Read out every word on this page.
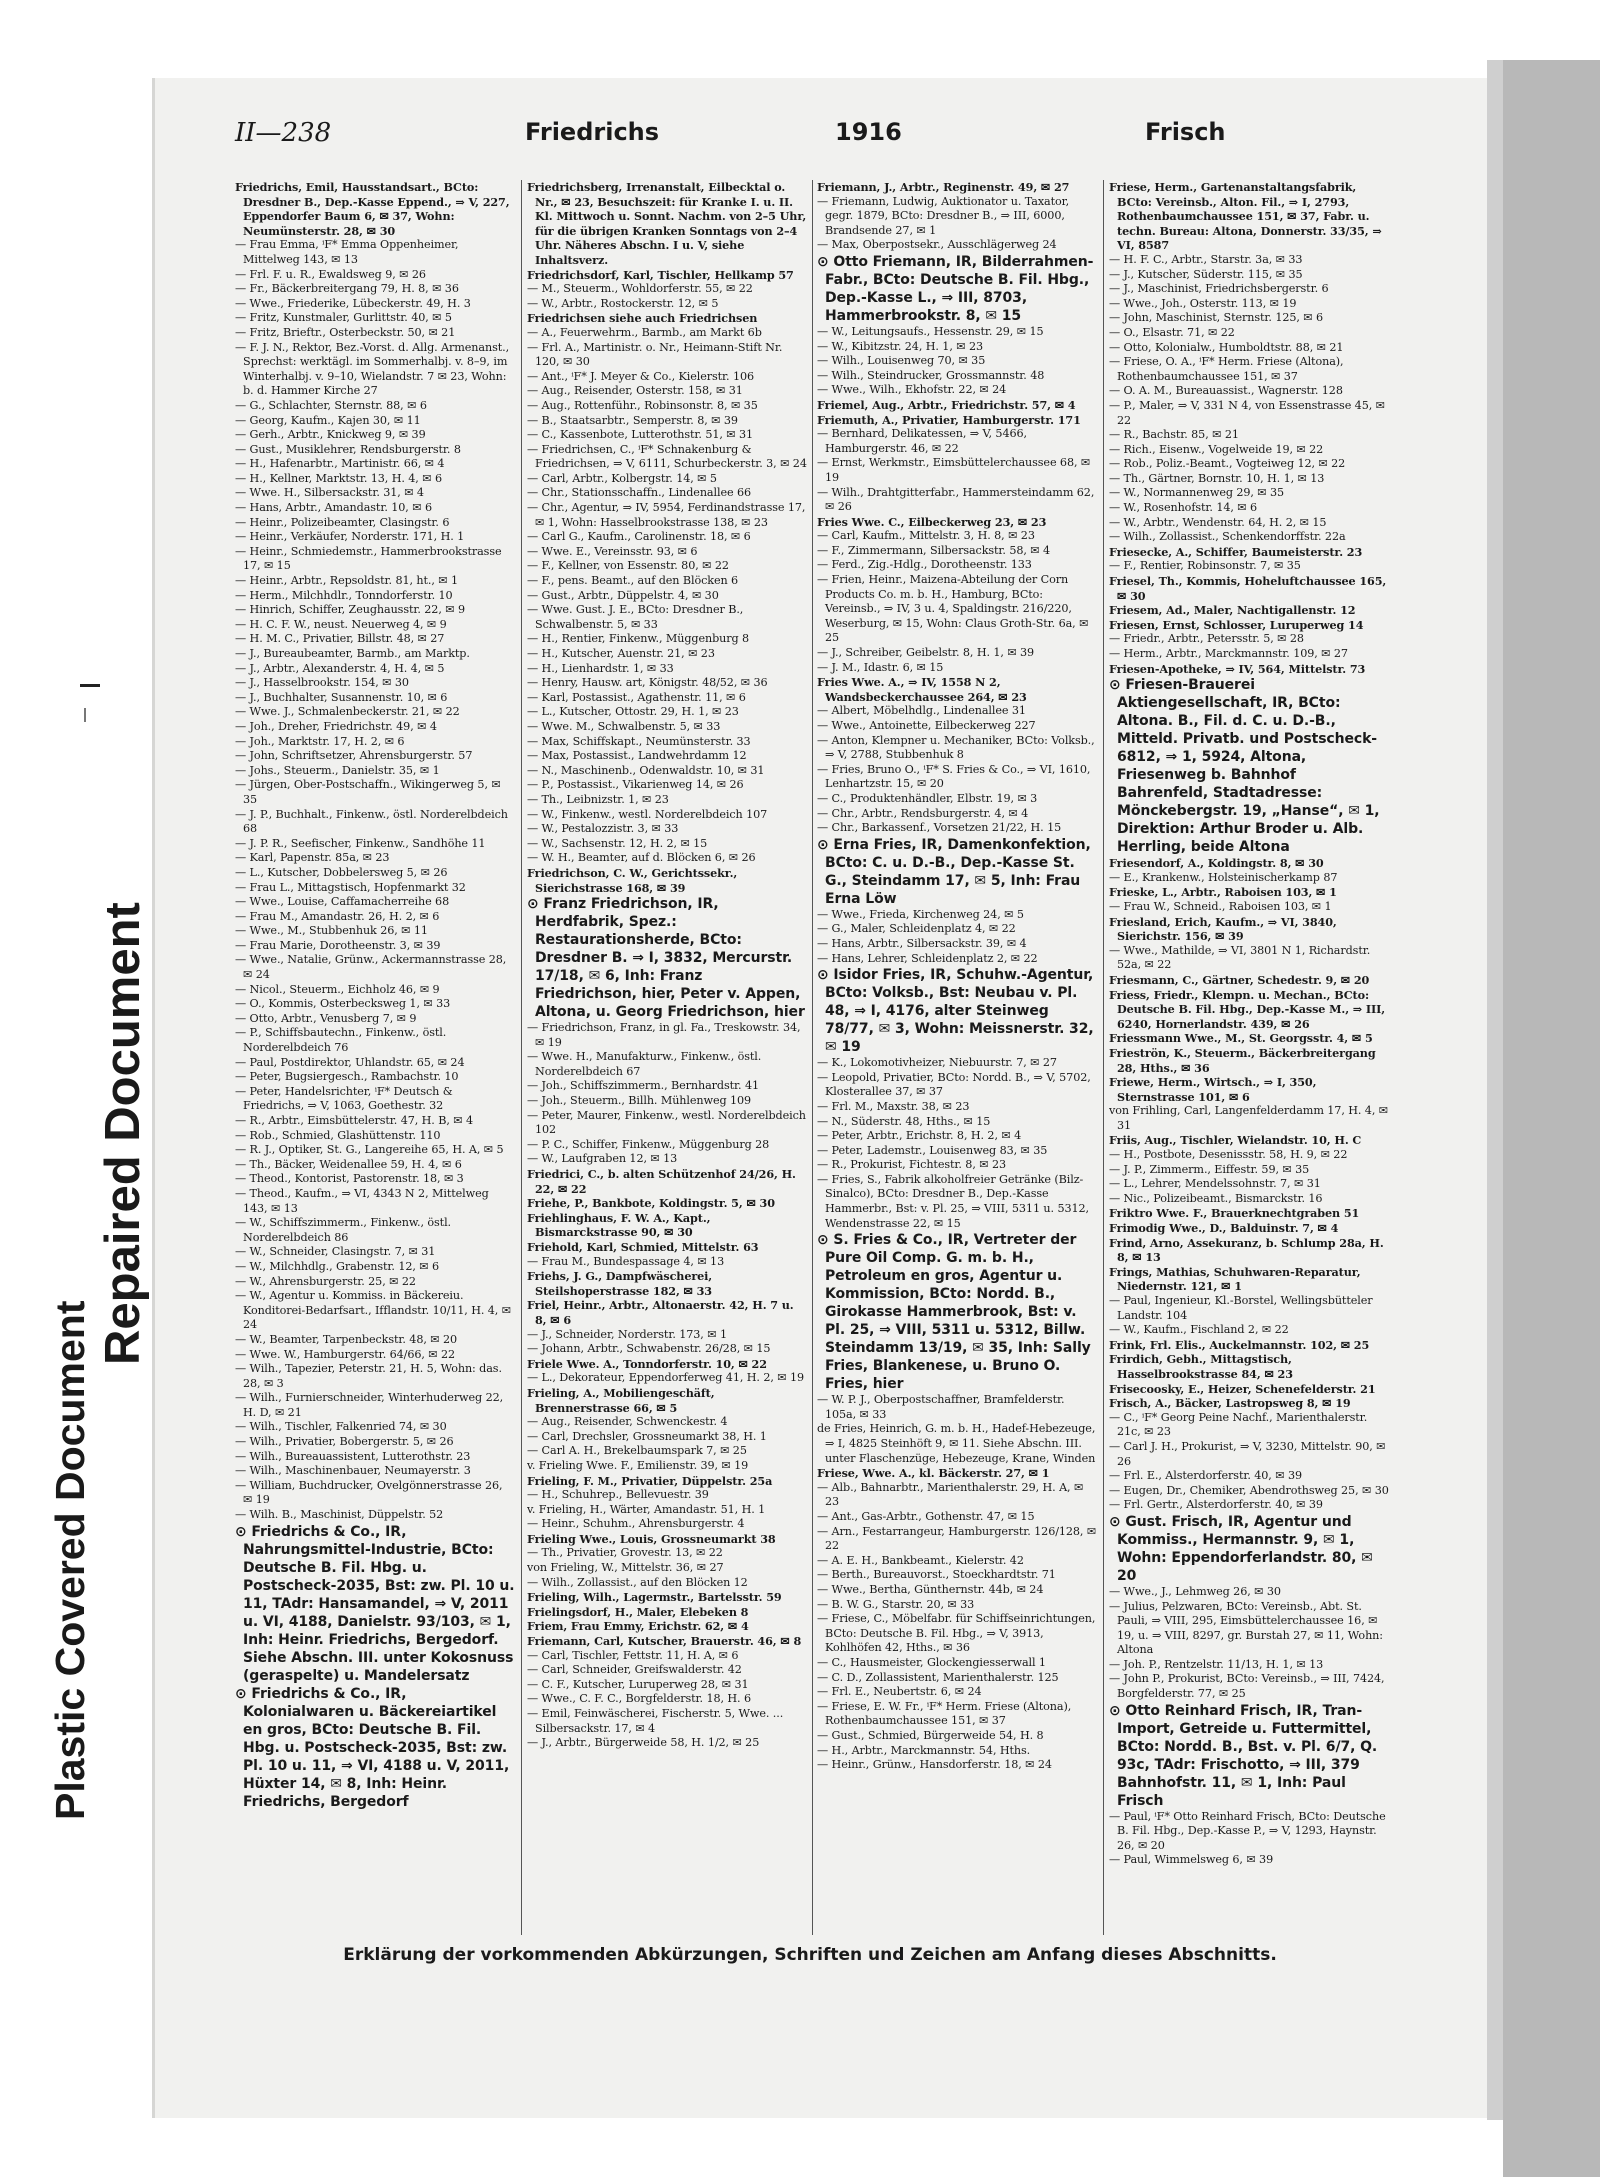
Plastic Covered Document
Repaired Document
II—238	Friedrichs	1916	Frisch

Friedrichs, Emil, Hausstandsart., BCto: Dresdner B., Dep.-Kasse Eppend., ⇒ V, 227, Eppendorfer Baum 6, ✉ 37, Wohn: Neumünsterstr. 28, ✉ 30

— Frau Emma, ⁱF* Emma Oppenheimer, Mittelweg 143, ✉ 13

— Frl. F. u. R., Ewaldsweg 9, ✉ 26

— Fr., Bäckerbreitergang 79, H. 8, ✉ 36

— Wwe., Friederike, Lübeckerstr. 49, H. 3

— Fritz, Kunstmaler, Gurlittstr. 40, ✉ 5

— Fritz, Brieftr., Osterbeckstr. 50, ✉ 21

— F. J. N., Rektor, Bez.-Vorst. d. Allg. Armenanst., Sprechst: werktägl. im Sommerhalbj. v. 8–9, im Winterhalbj. v. 9–10, Wielandstr. 7 ✉ 23, Wohn: b. d. Hammer Kirche 27

— G., Schlachter, Sternstr. 88, ✉ 6

— Georg, Kaufm., Kajen 30, ✉ 11

— Gerh., Arbtr., Knickweg 9, ✉ 39

— Gust., Musiklehrer, Rendsburgerstr. 8

— H., Hafenarbtr., Martinistr. 66, ✉ 4

— H., Kellner, Marktstr. 13, H. 4, ✉ 6

— Wwe. H., Silbersackstr. 31, ✉ 4

— Hans, Arbtr., Amandastr. 10, ✉ 6

— Heinr., Polizeibeamter, Clasingstr. 6

— Heinr., Verkäufer, Norderstr. 171, H. 1

— Heinr., Schmiedemstr., Hammerbrookstrasse 17, ✉ 15

— Heinr., Arbtr., Repsoldstr. 81, ht., ✉ 1

— Herm., Milchhdlr., Tonndorferstr. 10

— Hinrich, Schiffer, Zeughausstr. 22, ✉ 9

— H. C. F. W., neust. Neuerweg 4, ✉ 9

— H. M. C., Privatier, Billstr. 48, ✉ 27

— J., Bureaubeamter, Barmb., am Marktp.

— J., Arbtr., Alexanderstr. 4, H. 4, ✉ 5

— J., Hasselbrookstr. 154, ✉ 30

— J., Buchhalter, Susannenstr. 10, ✉ 6

— Wwe. J., Schmalenbeckerstr. 21, ✉ 22

— Joh., Dreher, Friedrichstr. 49, ✉ 4

— Joh., Marktstr. 17, H. 2, ✉ 6

— John, Schriftsetzer, Ahrensburgerstr. 57

— Johs., Steuerm., Danielstr. 35, ✉ 1

— Jürgen, Ober-Postschaffn., Wikingerweg 5, ✉ 35

— J. P., Buchhalt., Finkenw., östl. Norderelbdeich 68

— J. P. R., Seefischer, Finkenw., Sandhöhe 11

— Karl, Papenstr. 85a, ✉ 23

— L., Kutscher, Dobbelersweg 5, ✉ 26

— Frau L., Mittagstisch, Hopfenmarkt 32

— Wwe., Louise, Caffamacherreihe 68

— Frau M., Amandastr. 26, H. 2, ✉ 6

— Wwe., M., Stubbenhuk 26, ✉ 11

— Frau Marie, Dorotheenstr. 3, ✉ 39

— Wwe., Natalie, Grünw., Ackermannstrasse 28, ✉ 24

— Nicol., Steuerm., Eichholz 46, ✉ 9

— O., Kommis, Osterbecksweg 1, ✉ 33

— Otto, Arbtr., Venusberg 7, ✉ 9

— P., Schiffsbautechn., Finkenw., östl. Norderelbdeich 76

— Paul, Postdirektor, Uhlandstr. 65, ✉ 24

— Peter, Bugsiergesch., Rambachstr. 10

— Peter, Handelsrichter, ⁱF* Deutsch & Friedrichs, ⇒ V, 1063, Goethestr. 32

— R., Arbtr., Eimsbüttelerstr. 47, H. B, ✉ 4

— Rob., Schmied, Glashüttenstr. 110

— R. J., Optiker, St. G., Langereihe 65, H. A, ✉ 5

— Th., Bäcker, Weidenallee 59, H. 4, ✉ 6

— Theod., Kontorist, Pastorenstr. 18, ✉ 3

— Theod., Kaufm., ⇒ VI, 4343 N 2, Mittelweg 143, ✉ 13

— W., Schiffszimmerm., Finkenw., östl. Norderelbdeich 86

— W., Schneider, Clasingstr. 7, ✉ 31

— W., Milchhdlg., Grabenstr. 12, ✉ 6

— W., Ahrensburgerstr. 25, ✉ 22

— W., Agentur u. Kommiss. in Bäckereiu. Konditorei-Bedarfsart., Ifflandstr. 10/11, H. 4, ✉ 24

— W., Beamter, Tarpenbeckstr. 48, ✉ 20

— Wwe. W., Hamburgerstr. 64/66, ✉ 22

— Wilh., Tapezier, Peterstr. 21, H. 5, Wohn: das. 28, ✉ 3

— Wilh., Furnierschneider, Winterhuderweg 22, H. D, ✉ 21

— Wilh., Tischler, Falkenried 74, ✉ 30

— Wilh., Privatier, Bobergerstr. 5, ✉ 26

— Wilh., Bureauassistent, Lutterothstr. 23

— Wilh., Maschinenbauer, Neumayerstr. 3

— William, Buchdrucker, Ovelgönnerstrasse 26, ✉ 19

— Wilh. B., Maschinist, Düppelstr. 52

⊙ Friedrichs & Co., IR, Nahrungsmittel-Industrie, BCto: Deutsche B. Fil. Hbg. u. Postscheck-2035, Bst: zw. Pl. 10 u. 11, TAdr: Hansamandel, ⇒ V, 2011 u. VI, 4188, Danielstr. 93/103, ✉ 1, Inh: Heinr. Friedrichs, Bergedorf. Siehe Abschn. III. unter Kokosnuss (geraspelte) u. Mandelersatz

⊙ Friedrichs & Co., IR, Kolonialwaren u. Bäckereiartikel en gros, BCto: Deutsche B. Fil. Hbg. u. Postscheck-2035, Bst: zw. Pl. 10 u. 11, ⇒ VI, 4188 u. V, 2011, Hüxter 14, ✉ 8, Inh: Heinr. Friedrichs, Bergedorf

Friedrichsberg, Irrenanstalt, Eilbecktal o. Nr., ✉ 23, Besuchszeit: für Kranke I. u. II. Kl. Mittwoch u. Sonnt. Nachm. von 2–5 Uhr, für die übrigen Kranken Sonntags von 2–4 Uhr. Näheres Abschn. I u. V, siehe Inhaltsverz.

Friedrichsdorf, Karl, Tischler, Hellkamp 57

— M., Steuerm., Wohldorferstr. 55, ✉ 22

— W., Arbtr., Rostockerstr. 12, ✉ 5

Friedrichsen siehe auch Friedrichsen

— A., Feuerwehrm., Barmb., am Markt 6b

— Frl. A., Martinistr. o. Nr., Heimann-Stift Nr. 120, ✉ 30

— Ant., ⁱF* J. Meyer & Co., Kielerstr. 106

— Aug., Reisender, Osterstr. 158, ✉ 31

— Aug., Rottenführ., Robinsonstr. 8, ✉ 35

— B., Staatsarbtr., Semperstr. 8, ✉ 39

— C., Kassenbote, Lutterothstr. 51, ✉ 31

— Friedrichsen, C., ⁱF* Schnakenburg & Friedrichsen, ⇒ V, 6111, Schurbeckerstr. 3, ✉ 24

— Carl, Arbtr., Kolbergstr. 14, ✉ 5

— Chr., Stationsschaffn., Lindenallee 66

— Chr., Agentur, ⇒ IV, 5954, Ferdinandstrasse 17, ✉ 1, Wohn: Hasselbrookstrasse 138, ✉ 23

— Carl G., Kaufm., Carolinenstr. 18, ✉ 6

— Wwe. E., Vereinsstr. 93, ✉ 6

— F., Kellner, von Essenstr. 80, ✉ 22

— F., pens. Beamt., auf den Blöcken 6

— Gust., Arbtr., Düppelstr. 4, ✉ 30

— Wwe. Gust. J. E., BCto: Dresdner B., Schwalbenstr. 5, ✉ 33

— H., Rentier, Finkenw., Müggenburg 8

— H., Kutscher, Auenstr. 21, ✉ 23

— H., Lienhardstr. 1, ✉ 33

— Henry, Hausw. art, Königstr. 48/52, ✉ 36

— Karl, Postassist., Agathenstr. 11, ✉ 6

— L., Kutscher, Ottostr. 29, H. 1, ✉ 23

— Wwe. M., Schwalbenstr. 5, ✉ 33

— Max, Schiffskapt., Neumünsterstr. 33

— Max, Postassist., Landwehrdamm 12

— N., Maschinenb., Odenwaldstr. 10, ✉ 31

— P., Postassist., Vikarienweg 14, ✉ 26

— Th., Leibnizstr. 1, ✉ 23

— W., Finkenw., westl. Norderelbdeich 107

— W., Pestalozzistr. 3, ✉ 33

— W., Sachsenstr. 12, H. 2, ✉ 15

— W. H., Beamter, auf d. Blöcken 6, ✉ 26

Friedrichson, C. W., Gerichtssekr., Sierichstrasse 168, ✉ 39

⊙ Franz Friedrichson, IR, Herdfabrik, Spez.: Restaurationsherde, BCto: Dresdner B. ⇒ I, 3832, Mercurstr. 17/18, ✉ 6, Inh: Franz Friedrichson, hier, Peter v. Appen, Altona, u. Georg Friedrichson, hier

— Friedrichson, Franz, in gl. Fa., Treskowstr. 34, ✉ 19

— Wwe. H., Manufakturw., Finkenw., östl. Norderelbdeich 67

— Joh., Schiffszimmerm., Bernhardstr. 41

— Joh., Steuerm., Billh. Mühlenweg 109

— Peter, Maurer, Finkenw., westl. Norderelbdeich 102

— P. C., Schiffer, Finkenw., Müggenburg 28

— W., Laufgraben 12, ✉ 13

Friedrici, C., b. alten Schützenhof 24/26, H. 22, ✉ 22

Friehe, P., Bankbote, Koldingstr. 5, ✉ 30

Friehlinghaus, F. W. A., Kapt., Bismarckstrasse 90, ✉ 30

Friehold, Karl, Schmied, Mittelstr. 63

— Frau M., Bundespassage 4, ✉ 13

Friehs, J. G., Dampfwäscherei, Steilshoperstrasse 182, ✉ 33

Friel, Heinr., Arbtr., Altonaerstr. 42, H. 7 u. 8, ✉ 6

— J., Schneider, Norderstr. 173, ✉ 1

— Johann, Arbtr., Schwabenstr. 26/28, ✉ 15

Friele Wwe. A., Tonndorferstr. 10, ✉ 22

— L., Dekorateur, Eppendorferweg 41, H. 2, ✉ 19

Frieling, A., Mobiliengeschäft, Brennerstrasse 66, ✉ 5

— Aug., Reisender, Schwenckestr. 4

— Carl, Drechsler, Grossneumarkt 38, H. 1

— Carl A. H., Brekelbaumspark 7, ✉ 25

v. Frieling Wwe. F., Emilienstr. 39, ✉ 19

Frieling, F. M., Privatier, Düppelstr. 25a

— H., Schuhrep., Bellevuestr. 39

v. Frieling, H., Wärter, Amandastr. 51, H. 1

— Heinr., Schuhm., Ahrensburgerstr. 4

Frieling Wwe., Louis, Grossneumarkt 38

— Th., Privatier, Grovestr. 13, ✉ 22

von Frieling, W., Mittelstr. 36, ✉ 27

— Wilh., Zollassist., auf den Blöcken 12

Frieling, Wilh., Lagermstr., Bartelsstr. 59

Frielingsdorf, H., Maler, Elebeken 8

Friem, Frau Emmy, Erichstr. 62, ✉ 4

Friemann, Carl, Kutscher, Brauerstr. 46, ✉ 8

— Carl, Tischler, Fettstr. 11, H. A, ✉ 6

— Carl, Schneider, Greifswalderstr. 42

— C. F., Kutscher, Luruperweg 28, ✉ 31

— Wwe., C. F. C., Borgfelderstr. 18, H. 6

— Emil, Feinwäscherei, Fischerstr. 5, Wwe. ... Silbersackstr. 17, ✉ 4

— J., Arbtr., Bürgerweide 58, H. 1/2, ✉ 25

Friemann, J., Arbtr., Reginenstr. 49, ✉ 27

— Friemann, Ludwig, Auktionator u. Taxator, gegr. 1879, BCto: Dresdner B., ⇒ III, 6000, Brandsende 27, ✉ 1

— Max, Oberpostsekr., Ausschlägerweg 24

⊙ Otto Friemann, IR, Bilderrahmen-Fabr., BCto: Deutsche B. Fil. Hbg., Dep.-Kasse L., ⇒ III, 8703, Hammerbrookstr. 8, ✉ 15

— W., Leitungsaufs., Hessenstr. 29, ✉ 15

— W., Kibitzstr. 24, H. 1, ✉ 23

— Wilh., Louisenweg 70, ✉ 35

— Wilh., Steindrucker, Grossmannstr. 48

— Wwe., Wilh., Ekhofstr. 22, ✉ 24

Friemel, Aug., Arbtr., Friedrichstr. 57, ✉ 4

Friemuth, A., Privatier, Hamburgerstr. 171

— Bernhard, Delikatessen, ⇒ V, 5466, Hamburgerstr. 46, ✉ 22

— Ernst, Werkmstr., Eimsbüttelerchaussee 68, ✉ 19

— Wilh., Drahtgitterfabr., Hammersteindamm 62, ✉ 26

Fries Wwe. C., Eilbeckerweg 23, ✉ 23

— Carl, Kaufm., Mittelstr. 3, H. 8, ✉ 23

— F., Zimmermann, Silbersackstr. 58, ✉ 4

— Ferd., Zig.-Hdlg., Dorotheenstr. 133

— Frien, Heinr., Maizena-Abteilung der Corn Products Co. m. b. H., Hamburg, BCto: Vereinsb., ⇒ IV, 3 u. 4, Spaldingstr. 216/220, Weserburg, ✉ 15, Wohn: Claus Groth-Str. 6a, ✉ 25

— J., Schreiber, Geibelstr. 8, H. 1, ✉ 39

— J. M., Idastr. 6, ✉ 15

Fries Wwe. A., ⇒ IV, 1558 N 2, Wandsbeckerchaussee 264, ✉ 23

— Albert, Möbelhdlg., Lindenallee 31

— Wwe., Antoinette, Eilbeckerweg 227

— Anton, Klempner u. Mechaniker, BCto: Volksb., ⇒ V, 2788, Stubbenhuk 8

— Fries, Bruno O., ⁱF* S. Fries & Co., ⇒ VI, 1610, Lenhartzstr. 15, ✉ 20

— C., Produktenhändler, Elbstr. 19, ✉ 3

— Chr., Arbtr., Rendsburgerstr. 4, ✉ 4

— Chr., Barkassenf., Vorsetzen 21/22, H. 15

⊙ Erna Fries, IR, Damenkonfektion, BCto: C. u. D.-B., Dep.-Kasse St. G., Steindamm 17, ✉ 5, Inh: Frau Erna Löw

— Wwe., Frieda, Kirchenweg 24, ✉ 5

— G., Maler, Schleidenplatz 4, ✉ 22

— Hans, Arbtr., Silbersackstr. 39, ✉ 4

— Hans, Lehrer, Schleidenplatz 2, ✉ 22

⊙ Isidor Fries, IR, Schuhw.-Agentur, BCto: Volksb., Bst: Neubau v. Pl. 48, ⇒ I, 4176, alter Steinweg 78/77, ✉ 3, Wohn: Meissnerstr. 32, ✉ 19

— K., Lokomotivheizer, Niebuurstr. 7, ✉ 27

— Leopold, Privatier, BCto: Nordd. B., ⇒ V, 5702, Klosterallee 37, ✉ 37

— Frl. M., Maxstr. 38, ✉ 23

— N., Süderstr. 48, Hths., ✉ 15

— Peter, Arbtr., Erichstr. 8, H. 2, ✉ 4

— Peter, Lademstr., Louisenweg 83, ✉ 35

— R., Prokurist, Fichtestr. 8, ✉ 23

— Fries, S., Fabrik alkoholfreier Getränke (Bilz-Sinalco), BCto: Dresdner B., Dep.-Kasse Hammerbr., Bst: v. Pl. 25, ⇒ VIII, 5311 u. 5312, Wendenstrasse 22, ✉ 15

⊙ S. Fries & Co., IR, Vertreter der Pure Oil Comp. G. m. b. H., Petroleum en gros, Agentur u. Kommission, BCto: Nordd. B., Girokasse Hammerbrook, Bst: v. Pl. 25, ⇒ VIII, 5311 u. 5312, Billw. Steindamm 13/19, ✉ 35, Inh: Sally Fries, Blankenese, u. Bruno O. Fries, hier

— W. P. J., Oberpostschaffner, Bramfelderstr. 105a, ✉ 33

de Fries, Heinrich, G. m. b. H., Hadef-Hebezeuge, ⇒ I, 4825 Steinhöft 9, ✉ 11. Siehe Abschn. III. unter Flaschenzüge, Hebezeuge, Krane, Winden

Friese, Wwe. A., kl. Bäckerstr. 27, ✉ 1

— Alb., Bahnarbtr., Marienthalerstr. 29, H. A, ✉ 23

— Ant., Gas-Arbtr., Gothenstr. 47, ✉ 15

— Arn., Festarrangeur, Hamburgerstr. 126/128, ✉ 22

— A. E. H., Bankbeamt., Kielerstr. 42

— Berth., Bureauvorst., Stoeckhardtstr. 71

— Wwe., Bertha, Günthernstr. 44b, ✉ 24

— B. W. G., Starstr. 20, ✉ 33

— Friese, C., Möbelfabr. für Schiffseinrichtungen, BCto: Deutsche B. Fil. Hbg., ⇒ V, 3913, Kohlhöfen 42, Hths., ✉ 36

— C., Hausmeister, Glockengiesserwall 1

— C. D., Zollassistent, Marienthalerstr. 125

— Frl. E., Neubertstr. 6, ✉ 24

— Friese, E. W. Fr., ⁱF* Herm. Friese (Altona), Rothenbaumchaussee 151, ✉ 37

— Gust., Schmied, Bürgerweide 54, H. 8

— H., Arbtr., Marckmannstr. 54, Hths.

— Heinr., Grünw., Hansdorferstr. 18, ✉ 24

Friese, Herm., Gartenanstaltangsfabrik, BCto: Vereinsb., Alton. Fil., ⇒ I, 2793, Rothenbaumchaussee 151, ✉ 37, Fabr. u. techn. Bureau: Altona, Donnerstr. 33/35, ⇒ VI, 8587

— H. F. C., Arbtr., Starstr. 3a, ✉ 33

— J., Kutscher, Süderstr. 115, ✉ 35

— J., Maschinist, Friedrichsbergerstr. 6

— Wwe., Joh., Osterstr. 113, ✉ 19

— John, Maschinist, Sternstr. 125, ✉ 6

— O., Elsastr. 71, ✉ 22

— Otto, Kolonialw., Humboldtstr. 88, ✉ 21

— Friese, O. A., ⁱF* Herm. Friese (Altona), Rothenbaumchaussee 151, ✉ 37

— O. A. M., Bureauassist., Wagnerstr. 128

— P., Maler, ⇒ V, 331 N 4, von Essenstrasse 45, ✉ 22

— R., Bachstr. 85, ✉ 21

— Rich., Eisenw., Vogelweide 19, ✉ 22

— Rob., Poliz.-Beamt., Vogteiweg 12, ✉ 22

— Th., Gärtner, Bornstr. 10, H. 1, ✉ 13

— W., Normannenweg 29, ✉ 35

— W., Rosenhofstr. 14, ✉ 6

— W., Arbtr., Wendenstr. 64, H. 2, ✉ 15

— Wilh., Zollassist., Schenkendorffstr. 22a

Friesecke, A., Schiffer, Baumeisterstr. 23

— F., Rentier, Robinsonstr. 7, ✉ 35

Friesel, Th., Kommis, Hoheluftchaussee 165, ✉ 30

Friesem, Ad., Maler, Nachtigallenstr. 12

Friesen, Ernst, Schlosser, Luruperweg 14

— Friedr., Arbtr., Petersstr. 5, ✉ 28

— Herm., Arbtr., Marckmannstr. 109, ✉ 27

Friesen-Apotheke, ⇒ IV, 564, Mittelstr. 73

⊙ Friesen-Brauerei Aktiengesellschaft, IR, BCto: Altona. B., Fil. d. C. u. D.-B., Mitteld. Privatb. und Postscheck-6812, ⇒ 1, 5924, Altona, Friesenweg b. Bahnhof Bahrenfeld, Stadtadresse: Mönckebergstr. 19, „Hanse“, ✉ 1, Direktion: Arthur Broder u. Alb. Herrling, beide Altona

Friesendorf, A., Koldingstr. 8, ✉ 30

— E., Krankenw., Holsteinischerkamp 87

Frieske, L., Arbtr., Raboisen 103, ✉ 1

— Frau W., Schneid., Raboisen 103, ✉ 1

Friesland, Erich, Kaufm., ⇒ VI, 3840, Sierichstr. 156, ✉ 39

— Wwe., Mathilde, ⇒ VI, 3801 N 1, Richardstr. 52a, ✉ 22

Friesmann, C., Gärtner, Schedestr. 9, ✉ 20

Friess, Friedr., Klempn. u. Mechan., BCto: Deutsche B. Fil. Hbg., Dep.-Kasse M., ⇒ III, 6240, Hornerlandstr. 439, ✉ 26

Friessmann Wwe., M., St. Georgsstr. 4, ✉ 5

Frieströn, K., Steuerm., Bäckerbreitergang 28, Hths., ✉ 36

Friewe, Herm., Wirtsch., ⇒ I, 350, Sternstrasse 101, ✉ 6

von Frihling, Carl, Langenfelderdamm 17, H. 4, ✉ 31

Friis, Aug., Tischler, Wielandstr. 10, H. C

— H., Postbote, Desenissstr. 58, H. 9, ✉ 22

— J. P., Zimmerm., Eiffestr. 59, ✉ 35

— L., Lehrer, Mendelssohnstr. 7, ✉ 31

— Nic., Polizeibeamt., Bismarckstr. 16

Friktro Wwe. F., Brauerknechtgraben 51

Frimodig Wwe., D., Balduinstr. 7, ✉ 4

Frind, Arno, Assekuranz, b. Schlump 28a, H. 8, ✉ 13

Frings, Mathias, Schuhwaren-Reparatur, Niedernstr. 121, ✉ 1

— Paul, Ingenieur, Kl.-Borstel, Wellingsbütteler Landstr. 104

— W., Kaufm., Fischland 2, ✉ 22

Frink, Frl. Elis., Auckelmannstr. 102, ✉ 25

Frirdich, Gebh., Mittagstisch, Hasselbrookstrasse 84, ✉ 23

Frisecoosky, E., Heizer, Schenefelderstr. 21

Frisch, A., Bäcker, Lastropsweg 8, ✉ 19

— C., ⁱF* Georg Peine Nachf., Marienthalerstr. 21c, ✉ 23

— Carl J. H., Prokurist, ⇒ V, 3230, Mittelstr. 90, ✉ 26

— Frl. E., Alsterdorferstr. 40, ✉ 39

— Eugen, Dr., Chemiker, Abendrothsweg 25, ✉ 30

— Frl. Gertr., Alsterdorferstr. 40, ✉ 39

⊙ Gust. Frisch, IR, Agentur und Kommiss., Hermannstr. 9, ✉ 1, Wohn: Eppendorferlandstr. 80, ✉ 20

— Wwe., J., Lehmweg 26, ✉ 30

— Julius, Pelzwaren, BCto: Vereinsb., Abt. St. Pauli, ⇒ VIII, 295, Eimsbüttelerchaussee 16, ✉ 19, u. ⇒ VIII, 8297, gr. Burstah 27, ✉ 11, Wohn: Altona

— Joh. P., Rentzelstr. 11/13, H. 1, ✉ 13

— John P., Prokurist, BCto: Vereinsb., ⇒ III, 7424, Borgfelderstr. 77, ✉ 25

⊙ Otto Reinhard Frisch, IR, Tran-Import, Getreide u. Futtermittel, BCto: Nordd. B., Bst. v. Pl. 6/7, Q. 93c, TAdr: Frischotto, ⇒ III, 379 Bahnhofstr. 11, ✉ 1, Inh: Paul Frisch

— Paul, ⁱF* Otto Reinhard Frisch, BCto: Deutsche B. Fil. Hbg., Dep.-Kasse P., ⇒ V, 1293, Haynstr. 26, ✉ 20

— Paul, Wimmelsweg 6, ✉ 39

Erklärung der vorkommenden Abkürzungen, Schriften und Zeichen am Anfang dieses Abschnitts.
